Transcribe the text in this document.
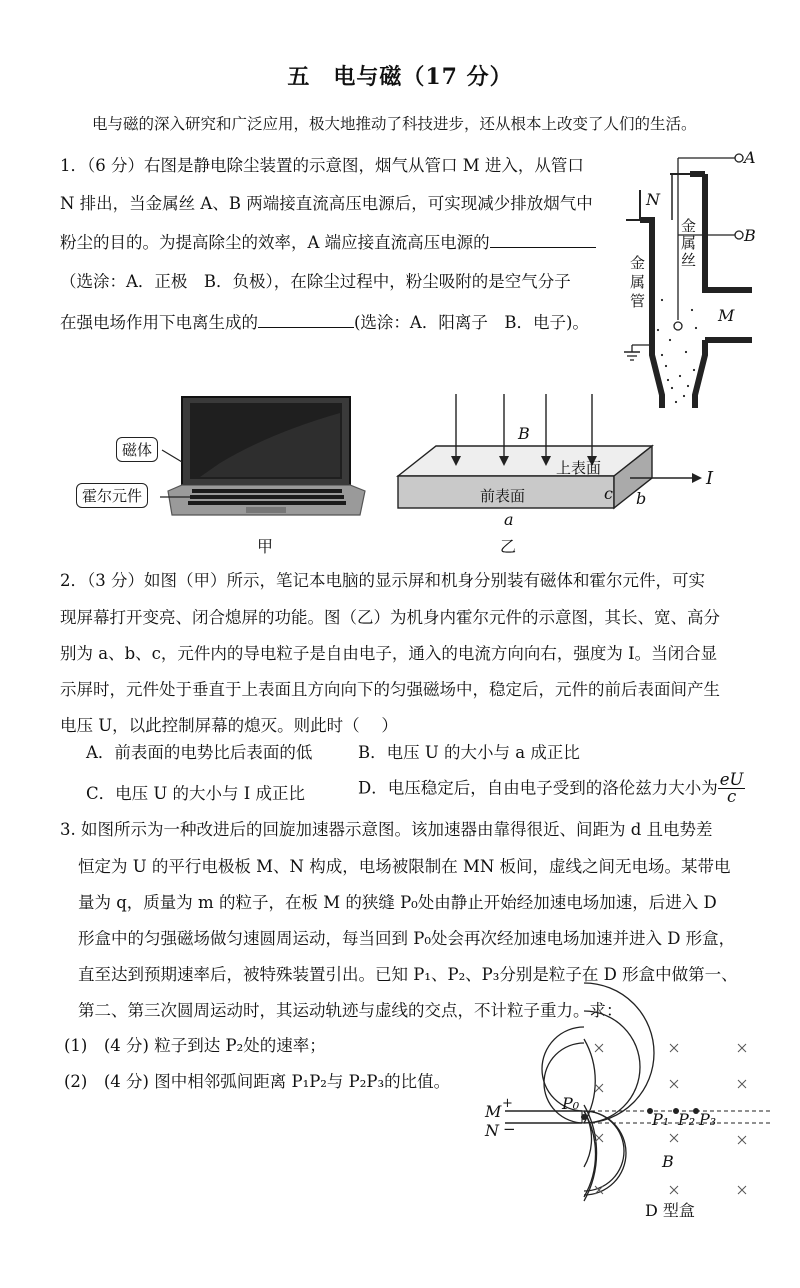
五　电与磁（17 分）
电与磁的深入研究和广泛应用，极大地推动了科技进步，还从根本上改变了人们的生活。
1．（6 分）右图是静电除尘装置的示意图，烟气从管口 M 进入，从管口
N 排出，当金属丝 A、B 两端接直流高压电源后，可实现减少排放烟气中
粉尘的目的。为提高除尘的效率，A 端应接直流高压电源的
（选涂：A．正极　B．负极），在除尘过程中，粉尘吸附的是空气分子
在强电场作用下电离生成的	(选涂：A．阳离子　B．电子)。
A
B
N
M
金属丝
金属管
磁体
霍尔元件
甲
B
上表面
前表面
I
a
b
c
乙
2．（3 分）如图（甲）所示，笔记本电脑的显示屏和机身分别装有磁体和霍尔元件，可实
现屏幕打开变亮、闭合熄屏的功能。图（乙）为机身内霍尔元件的示意图，其长、宽、高分
别为 a、b、c，元件内的导电粒子是自由电子，通入的电流方向向右，强度为 I。当闭合显
示屏时，元件处于垂直于上表面且方向向下的匀强磁场中，稳定后，元件的前后表面间产生
电压 U，以此控制屏幕的熄灭。则此时（　 ）
A．前表面的电势比后表面的低	B．电压 U 的大小与 a 成正比
C．电压 U 的大小与 I 成正比	D．电压稳定后，自由电子受到的洛伦兹力大小为 $\frac{eU}{c}$
3. 如图所示为一种改进后的回旋加速器示意图。该加速器由靠得很近、间距为 d 且电势差
恒定为 U 的平行电极板 M、N 构成，电场被限制在 MN 板间，虚线之间无电场。某带电
量为 q，质量为 m 的粒子，在板 M 的狭缝 P₀处由静止开始经加速电场加速，后进入 D
形盒中的匀强磁场做匀速圆周运动，每当回到 P₀处会再次经加速电场加速并进入 D 形盒，
直至达到预期速率后，被特殊装置引出。已知 P₁、P₂、P₃分别是粒子在 D 形盒中做第一、
第二、第三次圆周运动时，其运动轨迹与虚线的交点，不计粒子重力。求：
(1)　(4 分) 粒子到达 P₂处的速率；
(2)　(4 分) 图中相邻弧间距离 P₁P₂与 P₂P₃的比值。
M +
N −
P₀
P₁ P₂ P₃
B
D 型盒
